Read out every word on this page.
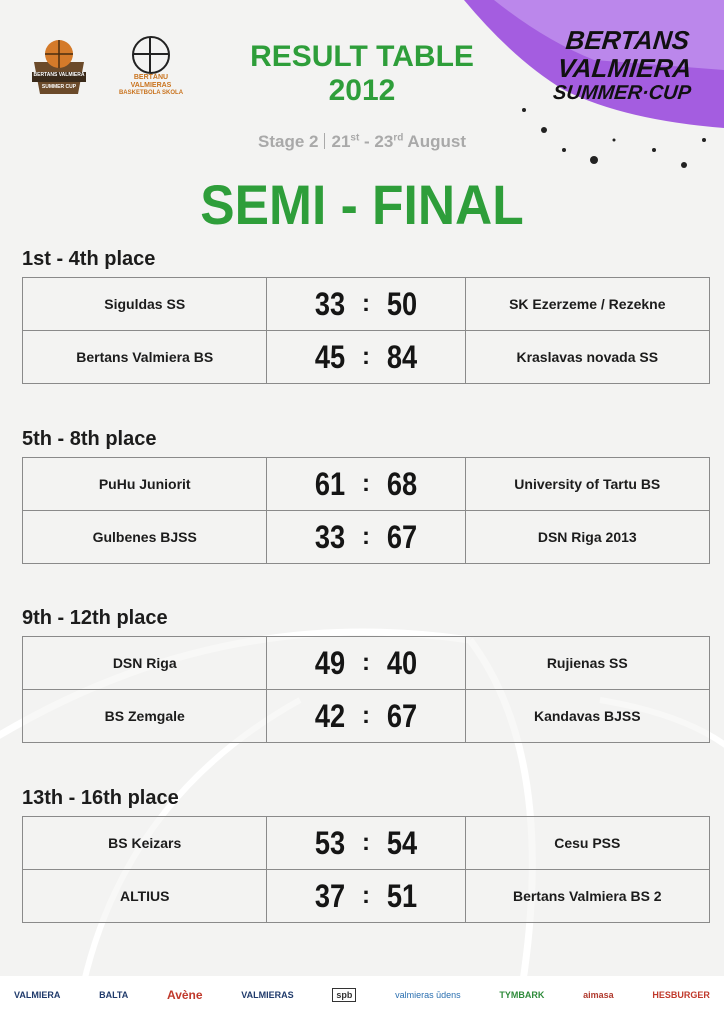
BERTANS VALMIERA
SUMMER CUP
BERTĀNU
VALMIERAS
BASKETBOLA SKOLA
BERTANS
VALMIERA
SUMMER·CUP
RESULT TABLE
2012
Stage 2 21st - 23rd August
SEMI - FINAL
1st - 4th place
Siguldas SS	33 : 50	SK Ezerzeme / Rezekne
Bertans Valmiera BS	45 : 84	Kraslavas novada SS
5th - 8th place
PuHu Juniorit	61 : 68	University of Tartu BS
Gulbenes BJSS	33 : 67	DSN Riga 2013
9th - 12th place
DSN Riga	49 : 40	Rujienas SS
BS Zemgale	42 : 67	Kandavas BJSS
13th - 16th place
BS Keizars	53 : 54	Cesu PSS
ALTIUS	37 : 51	Bertans Valmiera BS 2
VALMIERA	BALTA	Avène	VALMIERAS	spb	valmieras ūdens	TYMBARK	aimasa	HESBURGER
